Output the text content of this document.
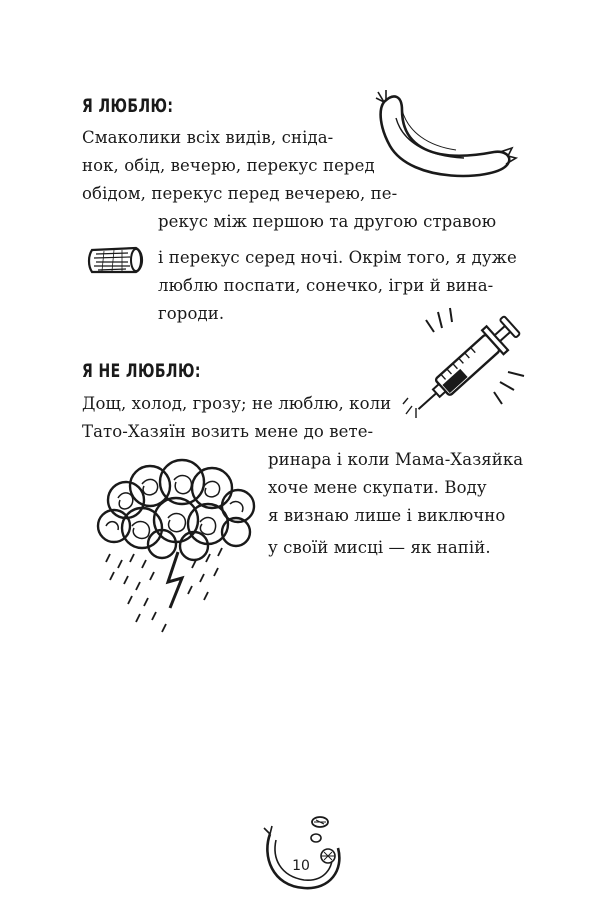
Я ЛЮБЛЮ:
Смаколики всіх видів, сніда-
нок, обід, вечерю, перекус перед
обідом, перекус перед вечерею, пе-
рекус між першою та другою стравою
і перекус серед ночі. Окрім того, я дуже
люблю поспати, сонечко, ігри й вина-
городи.
Я НЕ ЛЮБЛЮ:
Дощ, холод, грозу; не люблю, коли
Тато-Хазяїн возить мене до вете-
ринара і коли Мама-Хазяйка
хоче мене скупати. Воду
я визнаю лише і виключно
у своїй мисці — як напій.
10
